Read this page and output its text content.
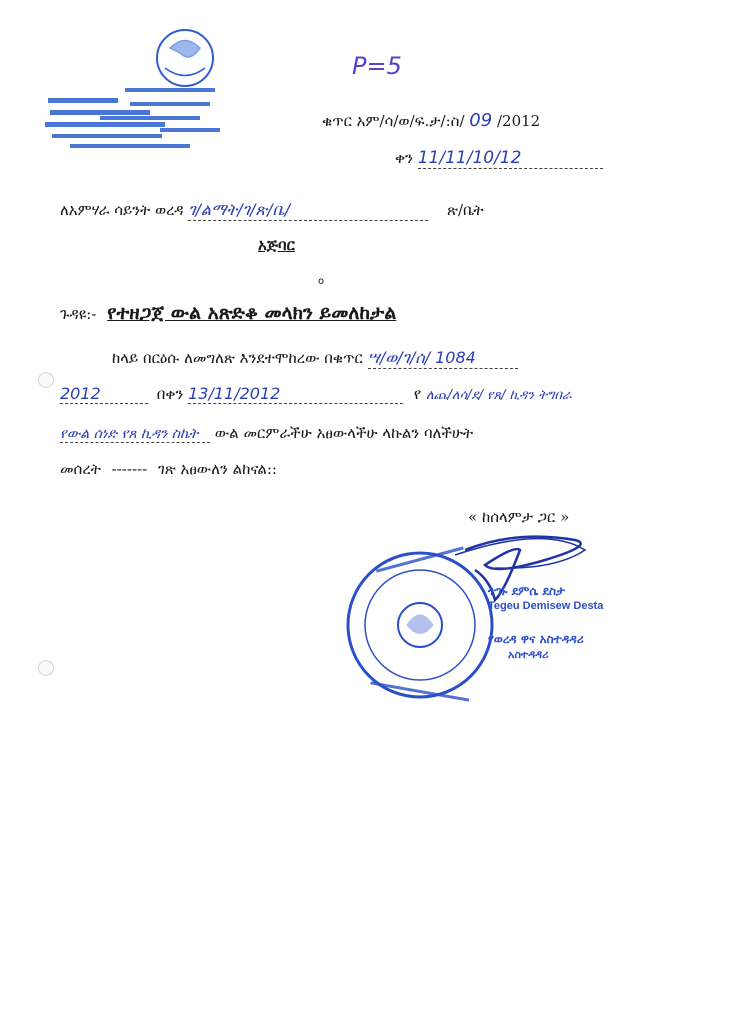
P=5
ቁጥር አም/ሳ/ወ/ፍ.ታ/:ስ/ 09 /2012
ቀን 11/11/10/12
ለአምሃራ ሳይንት ወረዳ ገ/ልማት/ገ/ጽ/ቤ/	ጽ/ቤት
አጅባር
o
ጉዳዩ:- የተዘጋጀ ውል አጽድቆ መላክን ይመለከታል
ከላይ በርዕሱ ለመግለጽ እንደተሞከረው በቁጥር ሣ/ወ/ገ/ሰ/ 1084
2012	በቀን 13/11/2012	የ ለጨ/ለሳ/ደ/ የጸ/ ኪዳን ትግበራ
የውል ሰነድ የጸ ኪዳን ስኬት ውል መርምራችሁ አፀውላችሁ ላኩልን ባለችሁት
መሰረት ------- ገጽ አፀውለን ልከናል::
« ከሰላምታ ጋር »
ተገኑ ደምሴ ደስታ
Tegeu Demisew Desta
የወረዳ ዋና አስተዳዳሪ
አስተዳዳሪ
